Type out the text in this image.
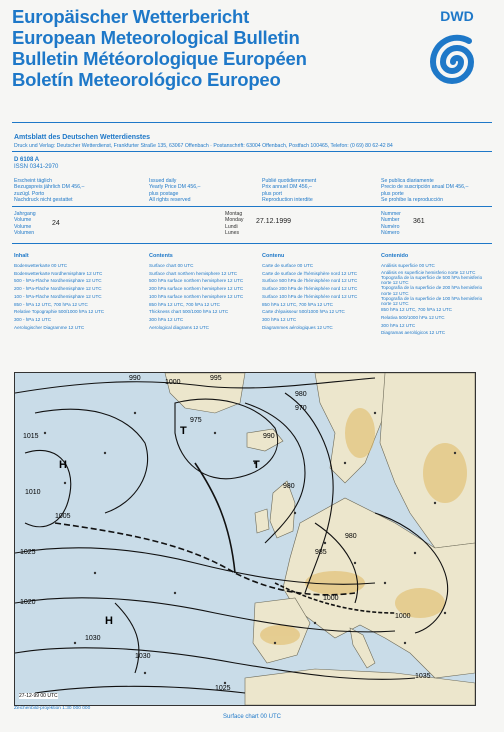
Europäischer Wetterbericht
European Meteorological Bulletin
Bulletin Météorologique Européen
Boletín Meteorológico Europeo
DWD
Amtsblatt des Deutschen Wetterdienstes
Druck und Verlag: Deutscher Wetterdienst, Frankfurter Straße 135, 63067 Offenbach · Postanschrift: 63004 Offenbach, Postfach 100465, Telefon: (0 69) 80 62-42 84
D 6108 A
ISSN 0341-2970
Erscheint täglich
Bezugspreis jährlich DM 456,–
zuzügl. Porto
Nachdruck nicht gestattet
Issued daily
Yearly Price DM 456,–
plus postage
All rights reserved
Publié quotidiennement
Prix annuel DM 456,–
plus port
Reproduction interdite
Se publica diariamente
Precio de suscripción anual DM 456,–
plus porte
Se prohibe la reproducción
Jahrgang
Volume
Volume
Volumen
24
Montag
Monday
Lundi
Lunes
27.12.1999
Nummer
Number
Numéro
Número
361
Inhalt
Bodenwetterkarte 00 UTC
Bodenwetterkarte Nordhemisphäre 12 UTC
500 - hPa-Fläche Nordhemisphäre 12 UTC
200 - hPa-Fläche Nordhemisphäre 12 UTC
100 - hPa-Fläche Nordhemisphäre 12 UTC
850 - hPa 12 UTC, 700 hPa 12 UTC
Relative Topographie 500/1000 hPa 12 UTC
300 - hPa 12 UTC
Aerologischer Diagramme 12 UTC
Contents
Surface chart 00 UTC
Surface chart northern hemisphere 12 UTC
500 hPa surface northern hemisphere 12 UTC
200 hPa surface northern hemisphere 12 UTC
100 hPa surface northern hemisphere 12 UTC
850 hPa 12 UTC, 700 hPa 12 UTC
Thickness chart 500/1000 hPa 12 UTC
300 hPa 12 UTC
Aerological diagrams 12 UTC
Contenu
Carte de surface 00 UTC
Carte de surface de l'hémisphère nord 12 UTC
Surface 500 hPa de l'hémisphère nord 12 UTC
Surface 200 hPa de l'hémisphère nord 12 UTC
Surface 100 hPa de l'hémisphère nord 12 UTC
850 hPa 12 UTC, 700 hPa 12 UTC
Carte d'épaisseur 500/1000 hPa 12 UTC
300 hPa 12 UTC
Diagrammes aérologiques 12 UTC
Contenido
Análisis superficie 00 UTC
Análisis en superficie hemisferio norte 12 UTC
Topografía de la superficie de 500 hPa hemisferio norte 12 UTC
Topografía de la superficie de 200 hPa hemisferio norte 12 UTC
Topografía de la superficie de 100 hPa hemisferio norte 12 UTC
850 hPa 12 UTC, 700 hPa 12 UTC
Relativa 500/1000 hPa 12 UTC
300 hPa 12 UTC
Diagramas aerológicos 12 UTC
990
1000
995
980
970
975
980
1015
1010
1005
1000
990
1030
1025
1020
980
985
1000
1025
1030
1035
H
H
T
T
27-12-99 00 UTC
Zeichenbild-projektion 1:30 000 000
Surface chart 00 UTC
